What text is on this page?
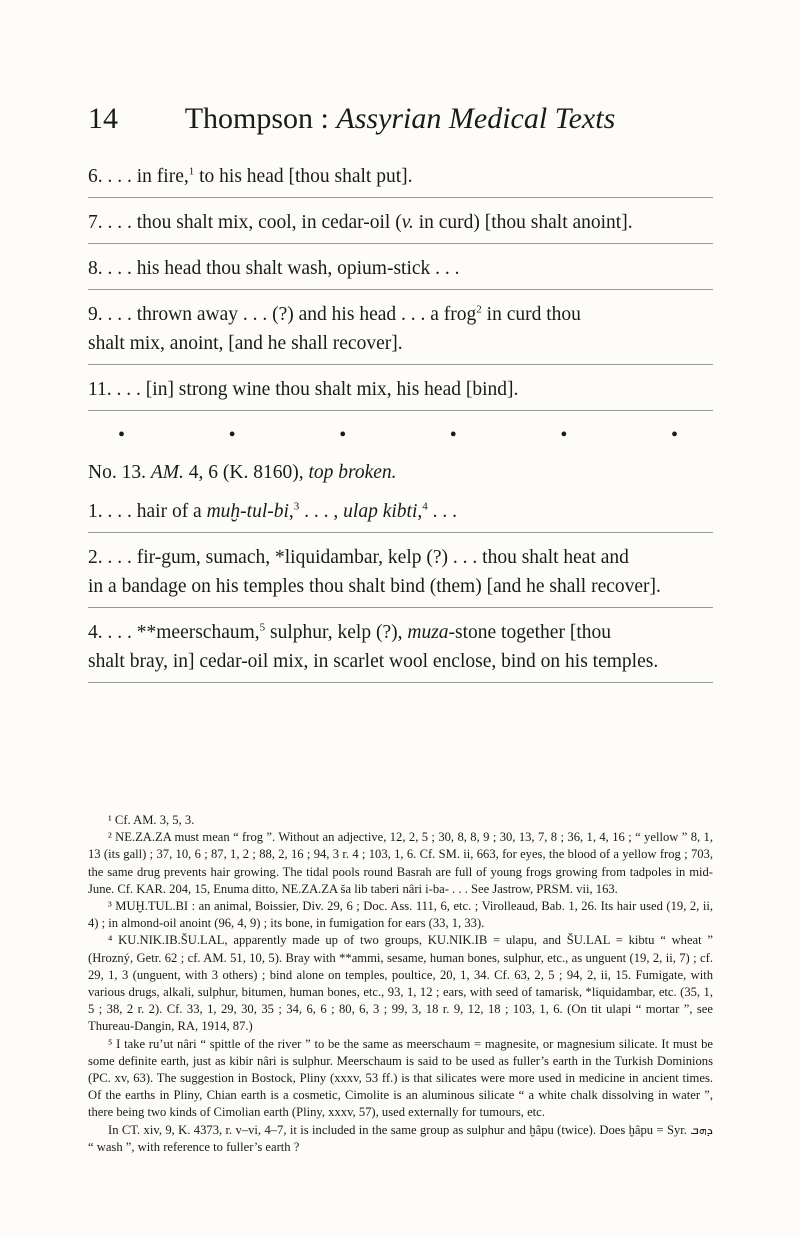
14	Thompson : Assyrian Medical Texts
6. . . . in fire,$^1$ to his head [thou shalt put].
7. . . . thou shalt mix, cool, in cedar-oil (v. in curd) [thou shalt anoint].
8. . . . his head thou shalt wash, opium-stick . . .
9. . . . thrown away . . . (?) and his head . . . a frog$^2$ in curd thou
shalt mix, anoint, [and he shall recover].
11. . . . [in] strong wine thou shalt mix, his head [bind].
•	•	•	•	•	•
No. 13. AM. 4, 6 (K. 8160), top broken.
1. . . . hair of a muḫ-tul-bi,$^3$ . . . , ulap kibti,$^4$ . . .
2. . . . fir-gum, sumach, *liquidambar, kelp (?) . . . thou shalt heat and
in a bandage on his temples thou shalt bind (them) [and he shall recover].
4. . . . **meerschaum,$^5$ sulphur, kelp (?), muza-stone together [thou
shalt bray, in] cedar-oil mix, in scarlet wool enclose, bind on his temples.

¹ Cf. AM. 3, 5, 3.

² NE.ZA.ZA must mean “ frog ”. Without an adjective, 12, 2, 5 ; 30, 8, 8, 9 ; 30, 13, 7, 8 ; 36, 1, 4, 16 ; “ yellow ” 8, 1, 13 (its gall) ; 37, 10, 6 ; 87, 1, 2 ; 88, 2, 16 ; 94, 3 r. 4 ; 103, 1, 6. Cf. SM. ii, 663, for eyes, the blood of a yellow frog ; 703, the same drug prevents hair growing. The tidal pools round Basrah are full of young frogs growing from tadpoles in mid-June. Cf. KAR. 204, 15, Enuma ditto, NE.ZA.ZA ša lib taberi nâri i-ba- . . . See Jastrow, PRSM. vii, 163.

³ MUḪ.TUL.BI : an animal, Boissier, Div. 29, 6 ; Doc. Ass. 111, 6, etc. ; Virolleaud, Bab. 1, 26. Its hair used (19, 2, ii, 4) ; in almond-oil anoint (96, 4, 9) ; its bone, in fumigation for ears (33, 1, 33).

⁴ KU.NIK.IB.ŠU.LAL, apparently made up of two groups, KU.NIK.IB = ulapu, and ŠU.LAL = kibtu “ wheat ” (Hrozný, Getr. 62 ; cf. AM. 51, 10, 5). Bray with **ammi, sesame, human bones, sulphur, etc., as unguent (19, 2, ii, 7) ; cf. 29, 1, 3 (unguent, with 3 others) ; bind alone on temples, poultice, 20, 1, 34. Cf. 63, 2, 5 ; 94, 2, ii, 15. Fumigate, with various drugs, alkali, sulphur, bitumen, human bones, etc., 93, 1, 12 ; ears, with seed of tamarisk, *liquidambar, etc. (35, 1, 5 ; 38, 2 r. 2). Cf. 33, 1, 29, 30, 35 ; 34, 6, 6 ; 80, 6, 3 ; 99, 3, 18 r. 9, 12, 18 ; 103, 1, 6. (On tit ulapi “ mortar ”, see Thureau-Dangin, RA, 1914, 87.)

⁵ I take ru’ut nâri “ spittle of the river ” to be the same as meerschaum = magnesite, or magnesium silicate. It must be some definite earth, just as kibir nâri is sulphur. Meerschaum is said to be used as fuller’s earth in the Turkish Dominions (PC. xv, 63). The suggestion in Bostock, Pliny (xxxv, 53 ff.) is that silicates were more used in medicine in ancient times. Of the earths in Pliny, Chian earth is a cosmetic, Cimolite is an aluminous silicate “ a white chalk dissolving in water ”, there being two kinds of Cimolian earth (Pliny, xxxv, 57), used externally for tumours, etc.

In CT. xiv, 9, K. 4373, r. v–vi, 4–7, it is included in the same group as sulphur and ḫâpu (twice). Does ḫâpu = Syr. ܕܗܒ “ wash ”, with reference to fuller’s earth ?
